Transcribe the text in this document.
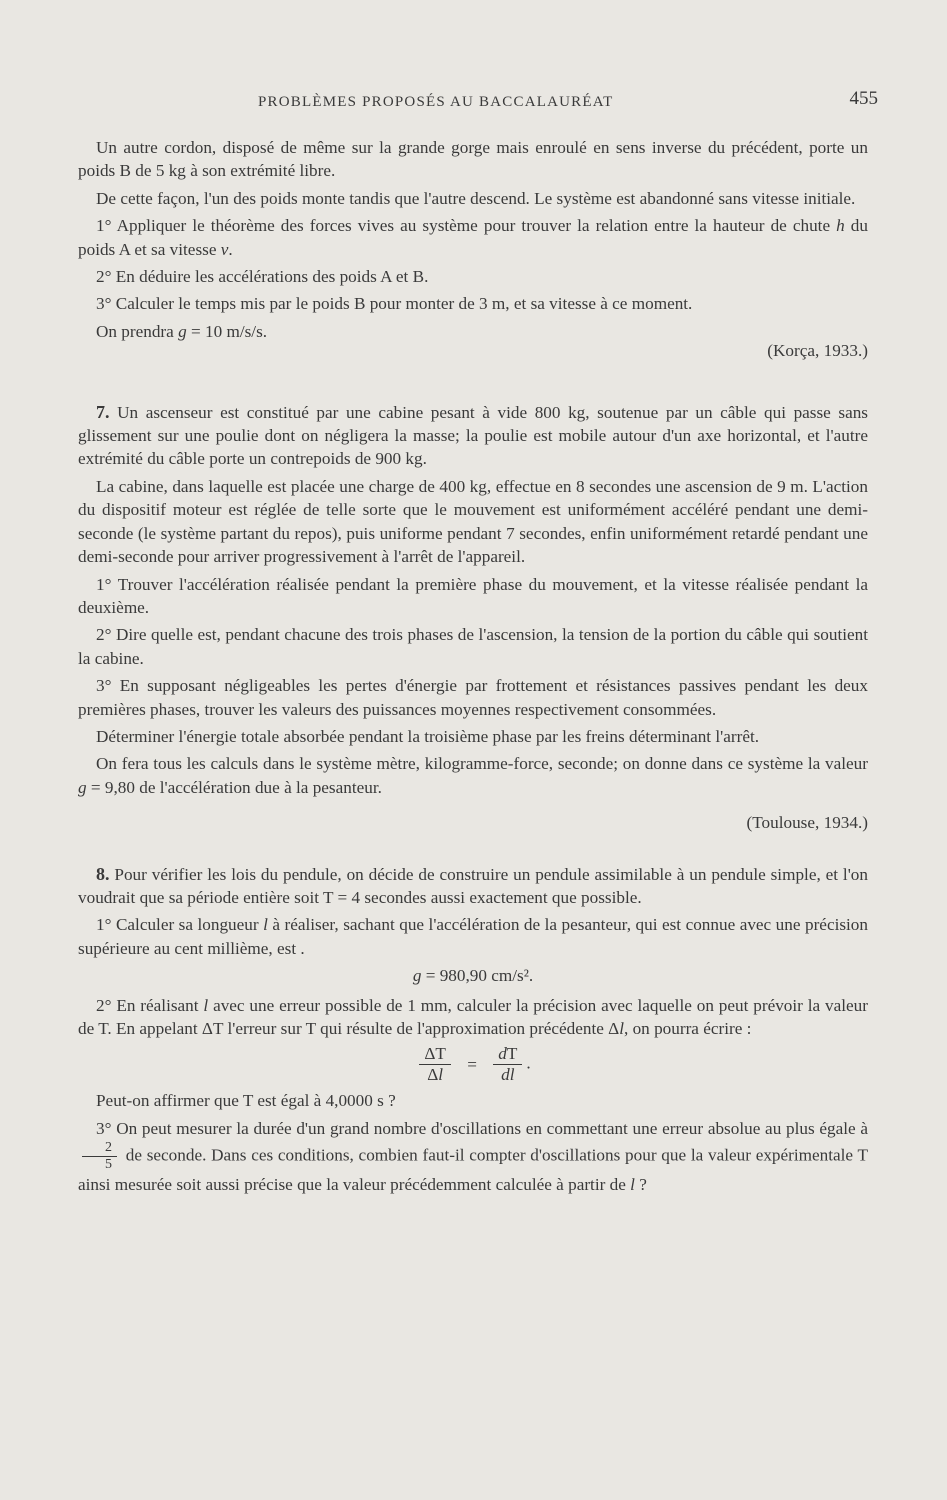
PROBLÈMES PROPOSÉS AU BACCALAURÉAT	455

Un autre cordon, disposé de même sur la grande gorge mais enroulé en sens inverse du précédent, porte un poids B de 5 kg à son extrémité libre.

De cette façon, l'un des poids monte tandis que l'autre descend. Le système est abandonné sans vitesse initiale.

1° Appliquer le théorème des forces vives au système pour trouver la relation entre la hauteur de chute h du poids A et sa vitesse v.

2° En déduire les accélérations des poids A et B.

3° Calculer le temps mis par le poids B pour monter de 3 m, et sa vitesse à ce moment.

On prendra g = 10 m/s/s.

(Korça, 1933.)

7. Un ascenseur est constitué par une cabine pesant à vide 800 kg, soutenue par un câble qui passe sans glissement sur une poulie dont on négligera la masse; la poulie est mobile autour d'un axe horizontal, et l'autre extrémité du câble porte un contrepoids de 900 kg.

La cabine, dans laquelle est placée une charge de 400 kg, effectue en 8 secondes une ascension de 9 m. L'action du dispositif moteur est réglée de telle sorte que le mouvement est uniformément accéléré pendant une demi-seconde (le système partant du repos), puis uniforme pendant 7 secondes, enfin uniformément retardé pendant une demi-seconde pour arriver progressivement à l'arrêt de l'appareil.

1° Trouver l'accélération réalisée pendant la première phase du mouvement, et la vitesse réalisée pendant la deuxième.

2° Dire quelle est, pendant chacune des trois phases de l'ascension, la tension de la portion du câble qui soutient la cabine.

3° En supposant négligeables les pertes d'énergie par frottement et résistances passives pendant les deux premières phases, trouver les valeurs des puissances moyennes respectivement consommées.

Déterminer l'énergie totale absorbée pendant la troisième phase par les freins déterminant l'arrêt.

On fera tous les calculs dans le système mètre, kilogramme-force, seconde; on donne dans ce système la valeur g = 9,80 de l'accélération due à la pesanteur.

(Toulouse, 1934.)

8. Pour vérifier les lois du pendule, on décide de construire un pendule assimilable à un pendule simple, et l'on voudrait que sa période entière soit T = 4 secondes aussi exactement que possible.

1° Calculer sa longueur l à réaliser, sachant que l'accélération de la pesanteur, qui est connue avec une précision supérieure au cent millième, est .

g = 980,90 cm/s².

2° En réalisant l avec une erreur possible de 1 mm, calculer la précision avec laquelle on peut prévoir la valeur de T. En appelant ΔT l'erreur sur T qui résulte de l'approximation précédente Δl, on pourra écrire :

$\frac{\Delta T}{\Delta l} = \frac{dT}{dl}$ .

Peut-on affirmer que T est égal à 4,0000 s ?

3° On peut mesurer la durée d'un grand nombre d'oscillations en commettant une erreur absolue au plus égale à
$\frac{2}{5}$ de seconde. Dans ces conditions, combien faut-il compter d'oscillations pour que la valeur expérimentale T ainsi mesurée soit aussi précise que la valeur précédemment calculée à partir de l ?
